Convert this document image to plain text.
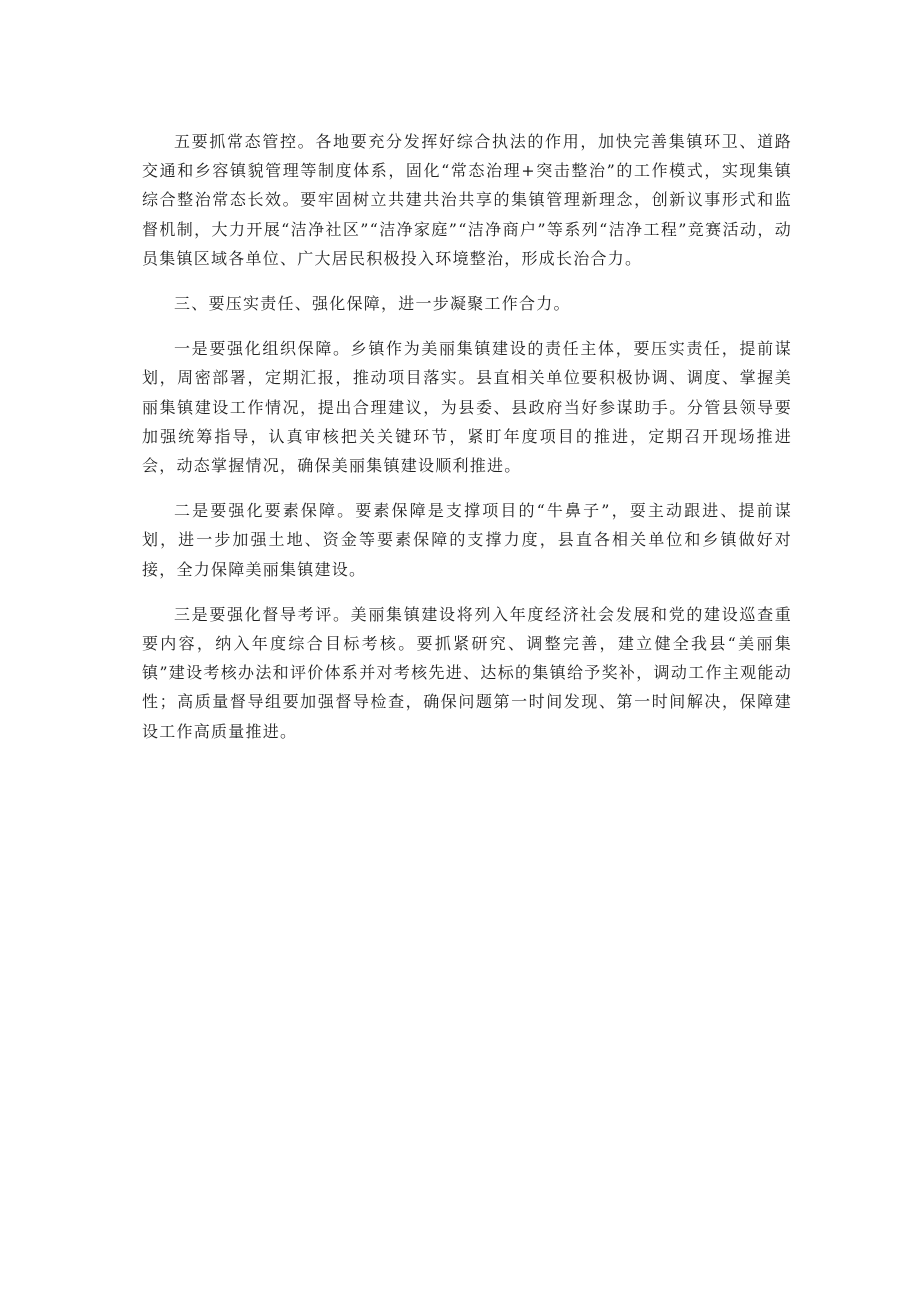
五要抓常态管控。各地要充分发挥好综合执法的作用，加快完善集镇环卫、道路交通和乡容镇貌管理等制度体系，固化“常态治理+突击整治”的工作模式，实现集镇综合整治常态长效。要牢固树立共建共治共享的集镇管理新理念，创新议事形式和监督机制，大力开展“洁净社区”“洁净家庭”“洁净商户”等系列“洁净工程”竞赛活动，动员集镇区域各单位、广大居民积极投入环境整治，形成长治合力。

三、要压实责任、强化保障，进一步凝聚工作合力。

一是要强化组织保障。乡镇作为美丽集镇建设的责任主体，要压实责任，提前谋划，周密部署，定期汇报，推动项目落实。县直相关单位要积极协调、调度、掌握美丽集镇建设工作情况，提出合理建议，为县委、县政府当好参谋助手。分管县领导要加强统筹指导，认真审核把关关键环节，紧盯年度项目的推进，定期召开现场推进会，动态掌握情况，确保美丽集镇建设顺利推进。

二是要强化要素保障。要素保障是支撑项目的“牛鼻子”，耍主动跟进、提前谋划，进一步加强土地、资金等要素保障的支撑力度，县直各相关单位和乡镇做好对接，全力保障美丽集镇建设。

三是要强化督导考评。美丽集镇建设将列入年度经济社会发展和党的建设巡查重要内容，纳入年度综合目标考核。要抓紧研究、调整完善，建立健全我县“美丽集镇”建设考核办法和评价体系并对考核先进、达标的集镇给予奖补，调动工作主观能动性；高质量督导组要加强督导检查，确保问题第一时间发现、第一时间解决，保障建设工作高质量推进。
